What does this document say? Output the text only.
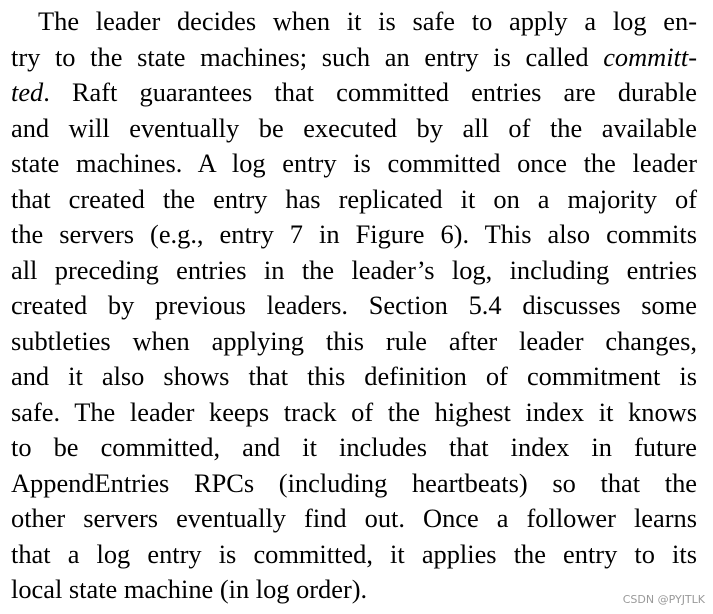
The leader decides when it is safe to apply a log en-
try to the state machines; such an entry is called committ-
ted. Raft guarantees that committed entries are durable
and will eventually be executed by all of the available
state machines. A log entry is committed once the leader
that created the entry has replicated it on a majority of
the servers (e.g., entry 7 in Figure 6). This also commits
all preceding entries in the leader’s log, including entries
created by previous leaders. Section 5.4 discusses some
subtleties when applying this rule after leader changes,
and it also shows that this definition of commitment is
safe. The leader keeps track of the highest index it knows
to be committed, and it includes that index in future
AppendEntries RPCs (including heartbeats) so that the
other servers eventually find out. Once a follower learns
that a log entry is committed, it applies the entry to its
local state machine (in log order).	CSDN @PYJTLK
